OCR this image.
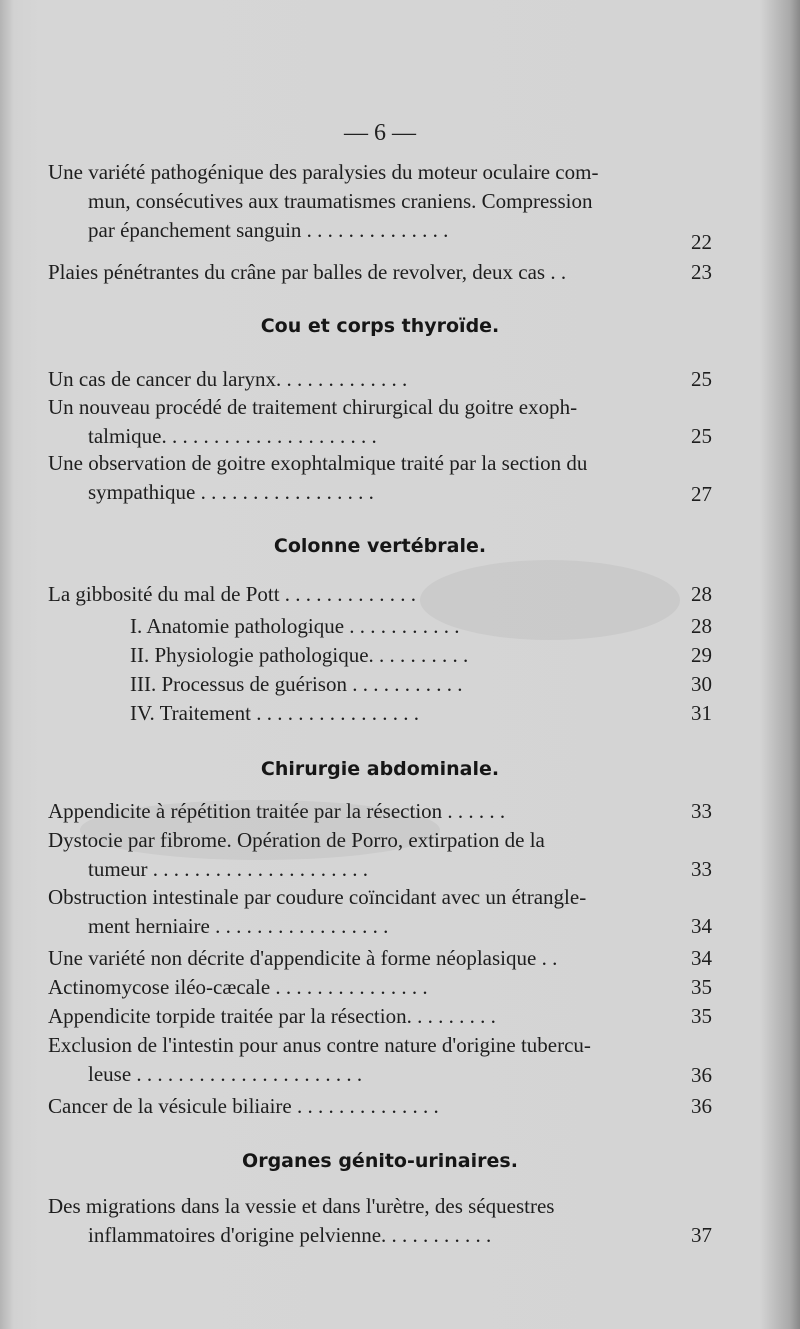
— 6 —
Une variété pathogénique des paralysies du moteur oculaire com-
mun, consécutives aux traumatismes craniens. Compression
par épanchement sanguin . . . . . . . . . . . . . .	22
Plaies pénétrantes du crâne par balles de revolver, deux cas . .	23
Cou et corps thyroïde.
Un cas de cancer du larynx. . . . . . . . . . . . .	25
Un nouveau procédé de traitement chirurgical du goitre exoph-
talmique. . . . . . . . . . . . . . . . . . . . .	25
Une observation de goitre exophtalmique traité par la section du
sympathique . . . . . . . . . . . . . . . . .	27
Colonne vertébrale.
La gibbosité du mal de Pott . . . . . . . . . . . . .	28
I. Anatomie pathologique . . . . . . . . . . .	28
II. Physiologie pathologique. . . . . . . . . .	29
III. Processus de guérison . . . . . . . . . . .	30
IV. Traitement . . . . . . . . . . . . . . . .	31
Chirurgie abdominale.
Appendicite à répétition traitée par la résection . . . . . .	33
Dystocie par fibrome. Opération de Porro, extirpation de la
tumeur . . . . . . . . . . . . . . . . . . . . .	33
Obstruction intestinale par coudure coïncidant avec un étrangle-
ment herniaire . . . . . . . . . . . . . . . . .	34
Une variété non décrite d'appendicite à forme néoplasique . .	34
Actinomycose iléo-cæcale . . . . . . . . . . . . . . .	35
Appendicite torpide traitée par la résection. . . . . . . . .	35
Exclusion de l'intestin pour anus contre nature d'origine tubercu-
leuse . . . . . . . . . . . . . . . . . . . . . .	36
Cancer de la vésicule biliaire . . . . . . . . . . . . . .	36
Organes génito-urinaires.
Des migrations dans la vessie et dans l'urètre, des séquestres
inflammatoires d'origine pelvienne. . . . . . . . . . .	37
